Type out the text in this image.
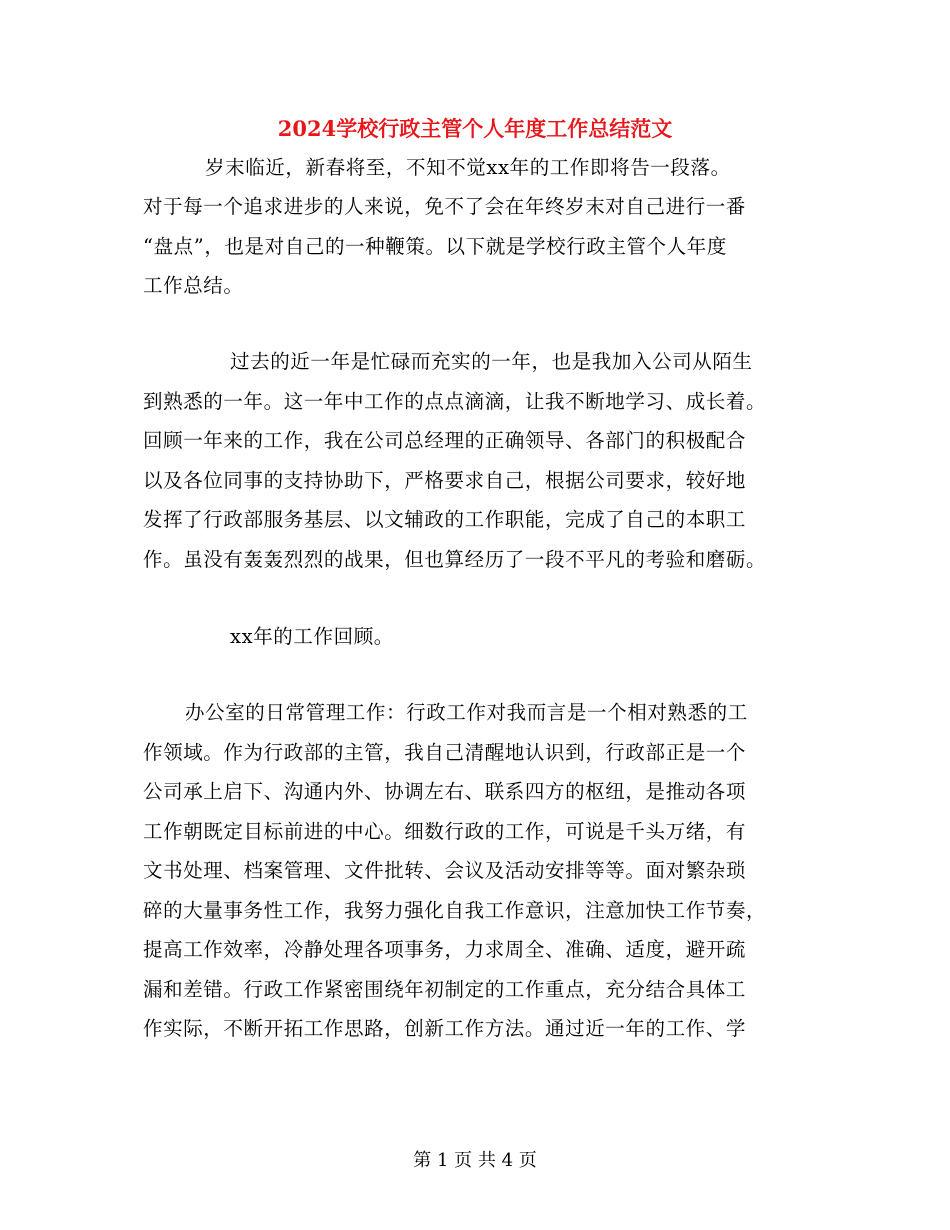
2024学校行政主管个人年度工作总结范文
岁末临近，新春将至，不知不觉xx年的工作即将告一段落。
对于每一个追求进步的人来说，免不了会在年终岁末对自己进行一番
“盘点”，也是对自己的一种鞭策。以下就是学校行政主管个人年度
工作总结。
过去的近一年是忙碌而充实的一年，也是我加入公司从陌生
到熟悉的一年。这一年中工作的点点滴滴，让我不断地学习、成长着。
回顾一年来的工作，我在公司总经理的正确领导、各部门的积极配合
以及各位同事的支持协助下，严格要求自己，根据公司要求，较好地
发挥了行政部服务基层、以文辅政的工作职能，完成了自己的本职工
作。虽没有轰轰烈烈的战果，但也算经历了一段不平凡的考验和磨砺。
xx年的工作回顾。
办公室的日常管理工作：行政工作对我而言是一个相对熟悉的工
作领域。作为行政部的主管，我自己清醒地认识到，行政部正是一个
公司承上启下、沟通内外、协调左右、联系四方的枢纽，是推动各项
工作朝既定目标前进的中心。细数行政的工作，可说是千头万绪，有
文书处理、档案管理、文件批转、会议及活动安排等等。面对繁杂琐
碎的大量事务性工作，我努力强化自我工作意识，注意加快工作节奏，
提高工作效率，冷静处理各项事务，力求周全、准确、适度，避开疏
漏和差错。行政工作紧密围绕年初制定的工作重点，充分结合具体工
作实际，不断开拓工作思路，创新工作方法。通过近一年的工作、学
第 1 页 共 4 页
